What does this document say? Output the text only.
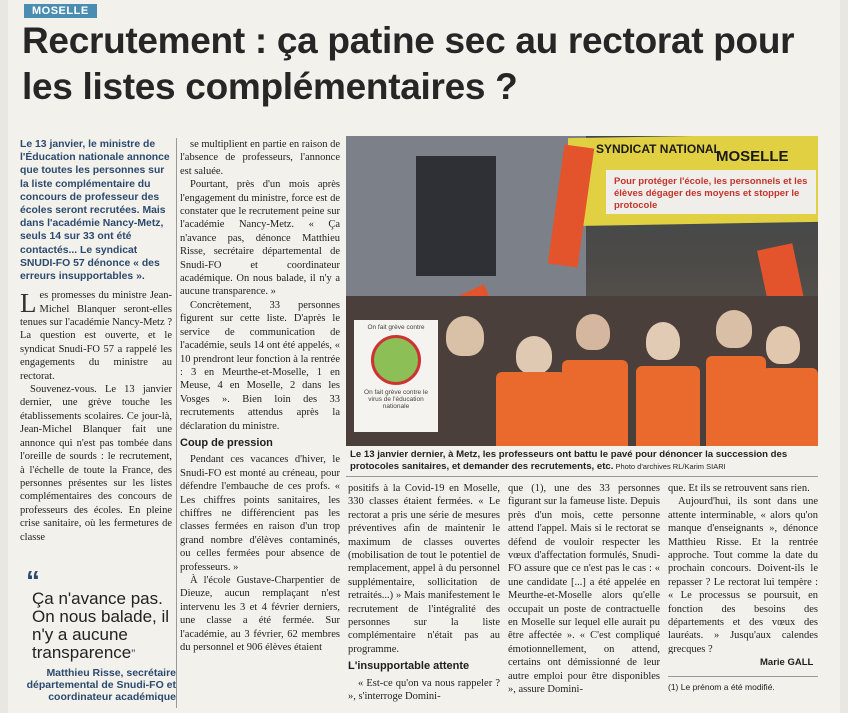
MOSELLE
Recrutement : ça patine sec au rectorat pour les listes complémentaires ?

Le 13 janvier, le ministre de l'Éducation nationale annonce que toutes les personnes sur la liste complémentaire du concours de professeur des écoles seront recrutées. Mais dans l'académie Nancy-Metz, seuls 14 sur 33 ont été contactés... Le syndicat SNUDI-FO 57 dénonce « des erreurs insupportables ».

Les promesses du ministre Jean-Michel Blanquer seront-elles tenues sur l'académie Nancy-Metz ? La question est ouverte, et le syndicat Snudi-FO 57 a rappelé les engagements du ministre au rectorat.

Souvenez-vous. Le 13 janvier dernier, une grève touche les établissements scolaires. Ce jour-là, Jean-Michel Blanquer fait une annonce qui n'est pas tombée dans l'oreille de sourds : le recrutement, à l'échelle de toute la France, des personnes présentes sur les listes complémentaires des concours de professeurs des écoles. En pleine crise sanitaire, où les fermetures de classe

“
Ça n'avance pas. On nous balade, il n'y a aucune transparence”
Matthieu Risse, secrétaire départemental de Snudi-FO et coordinateur académique

se multiplient en partie en raison de l'absence de professeurs, l'annonce est saluée.

Pourtant, près d'un mois après l'engagement du ministre, force est de constater que le recrutement peine sur l'académie Nancy-Metz. « Ça n'avance pas, dénonce Matthieu Risse, secrétaire départemental de Snudi-FO et coordinateur académique. On nous balade, il n'y a aucune transparence. »

Concrètement, 33 personnes figurent sur cette liste. D'après le service de communication de l'académie, seuls 14 ont été appelés, « 10 prendront leur fonction à la rentrée : 3 en Meurthe-et-Moselle, 1 en Meuse, 4 en Moselle, 2 dans les Vosges ». Bien loin des 33 recrutements attendus après la déclaration du ministre.

Coup de pression

Pendant ces vacances d'hiver, le Snudi-FO est monté au créneau, pour défendre l'embauche de ces profs. « Les chiffres points sanitaires, les chiffres ne différencient pas les classes fermées en raison d'un trop grand nombre d'élèves contaminés, ou celles fermées pour absence de professeurs. »

À l'école Gustave-Charpentier de Dieuze, aucun remplaçant n'est intervenu les 3 et 4 février derniers, une classe a été fermée. Sur l'académie, au 3 février, 62 membres du personnel et 906 élèves étaient

SYNDICAT NATIONAL
MOSELLE
Pour protéger l'école, les personnels et les élèves dégager des moyens et stopper le protocole
On fait grève contre
On fait grève contre le virus de l'éducation nationale
Le 13 janvier dernier, à Metz, les professeurs ont battu le pavé pour dénoncer la succession des protocoles sanitaires, et demander des recrutements, etc. Photo d'archives RL/Karim SIARI

positifs à la Covid-19 en Moselle, 330 classes étaient fermées. « Le rectorat a pris une série de mesures préventives afin de maintenir le maximum de classes ouvertes (mobilisation de tout le potentiel de remplacement, appel à du personnel supplémentaire, sollicitation de retraités...) » Mais manifestement le recrutement de l'intégralité des personnes sur la liste complémentaire n'était pas au programme.

L'insupportable attente

« Est-ce qu'on va nous rappeler ? », s'interroge Domini-

que (1), une des 33 personnes figurant sur la fameuse liste. Depuis près d'un mois, cette personne attend l'appel. Mais si le rectorat se défend de vouloir respecter les vœux d'affectation formulés, Snudi-FO assure que ce n'est pas le cas : « une candidate [...] a été appelée en Meurthe-et-Moselle alors qu'elle occupait un poste de contractuelle en Moselle sur lequel elle aurait pu être affectée ». « C'est compliqué émotionnellement, on attend, certains ont démissionné de leur autre emploi pour être disponibles », assure Domini-

que. Et ils se retrouvent sans rien.

Aujourd'hui, ils sont dans une attente interminable, « alors qu'on manque d'enseignants », dénonce Matthieu Risse. Et la rentrée approche. Tout comme la date du prochain concours. Doivent-ils le repasser ? Le rectorat lui tempère : « Le processus se poursuit, en fonction des besoins des départements et des vœux des lauréats. » Jusqu'aux calendes grecques ?

Marie GALL
(1) Le prénom a été modifié.
